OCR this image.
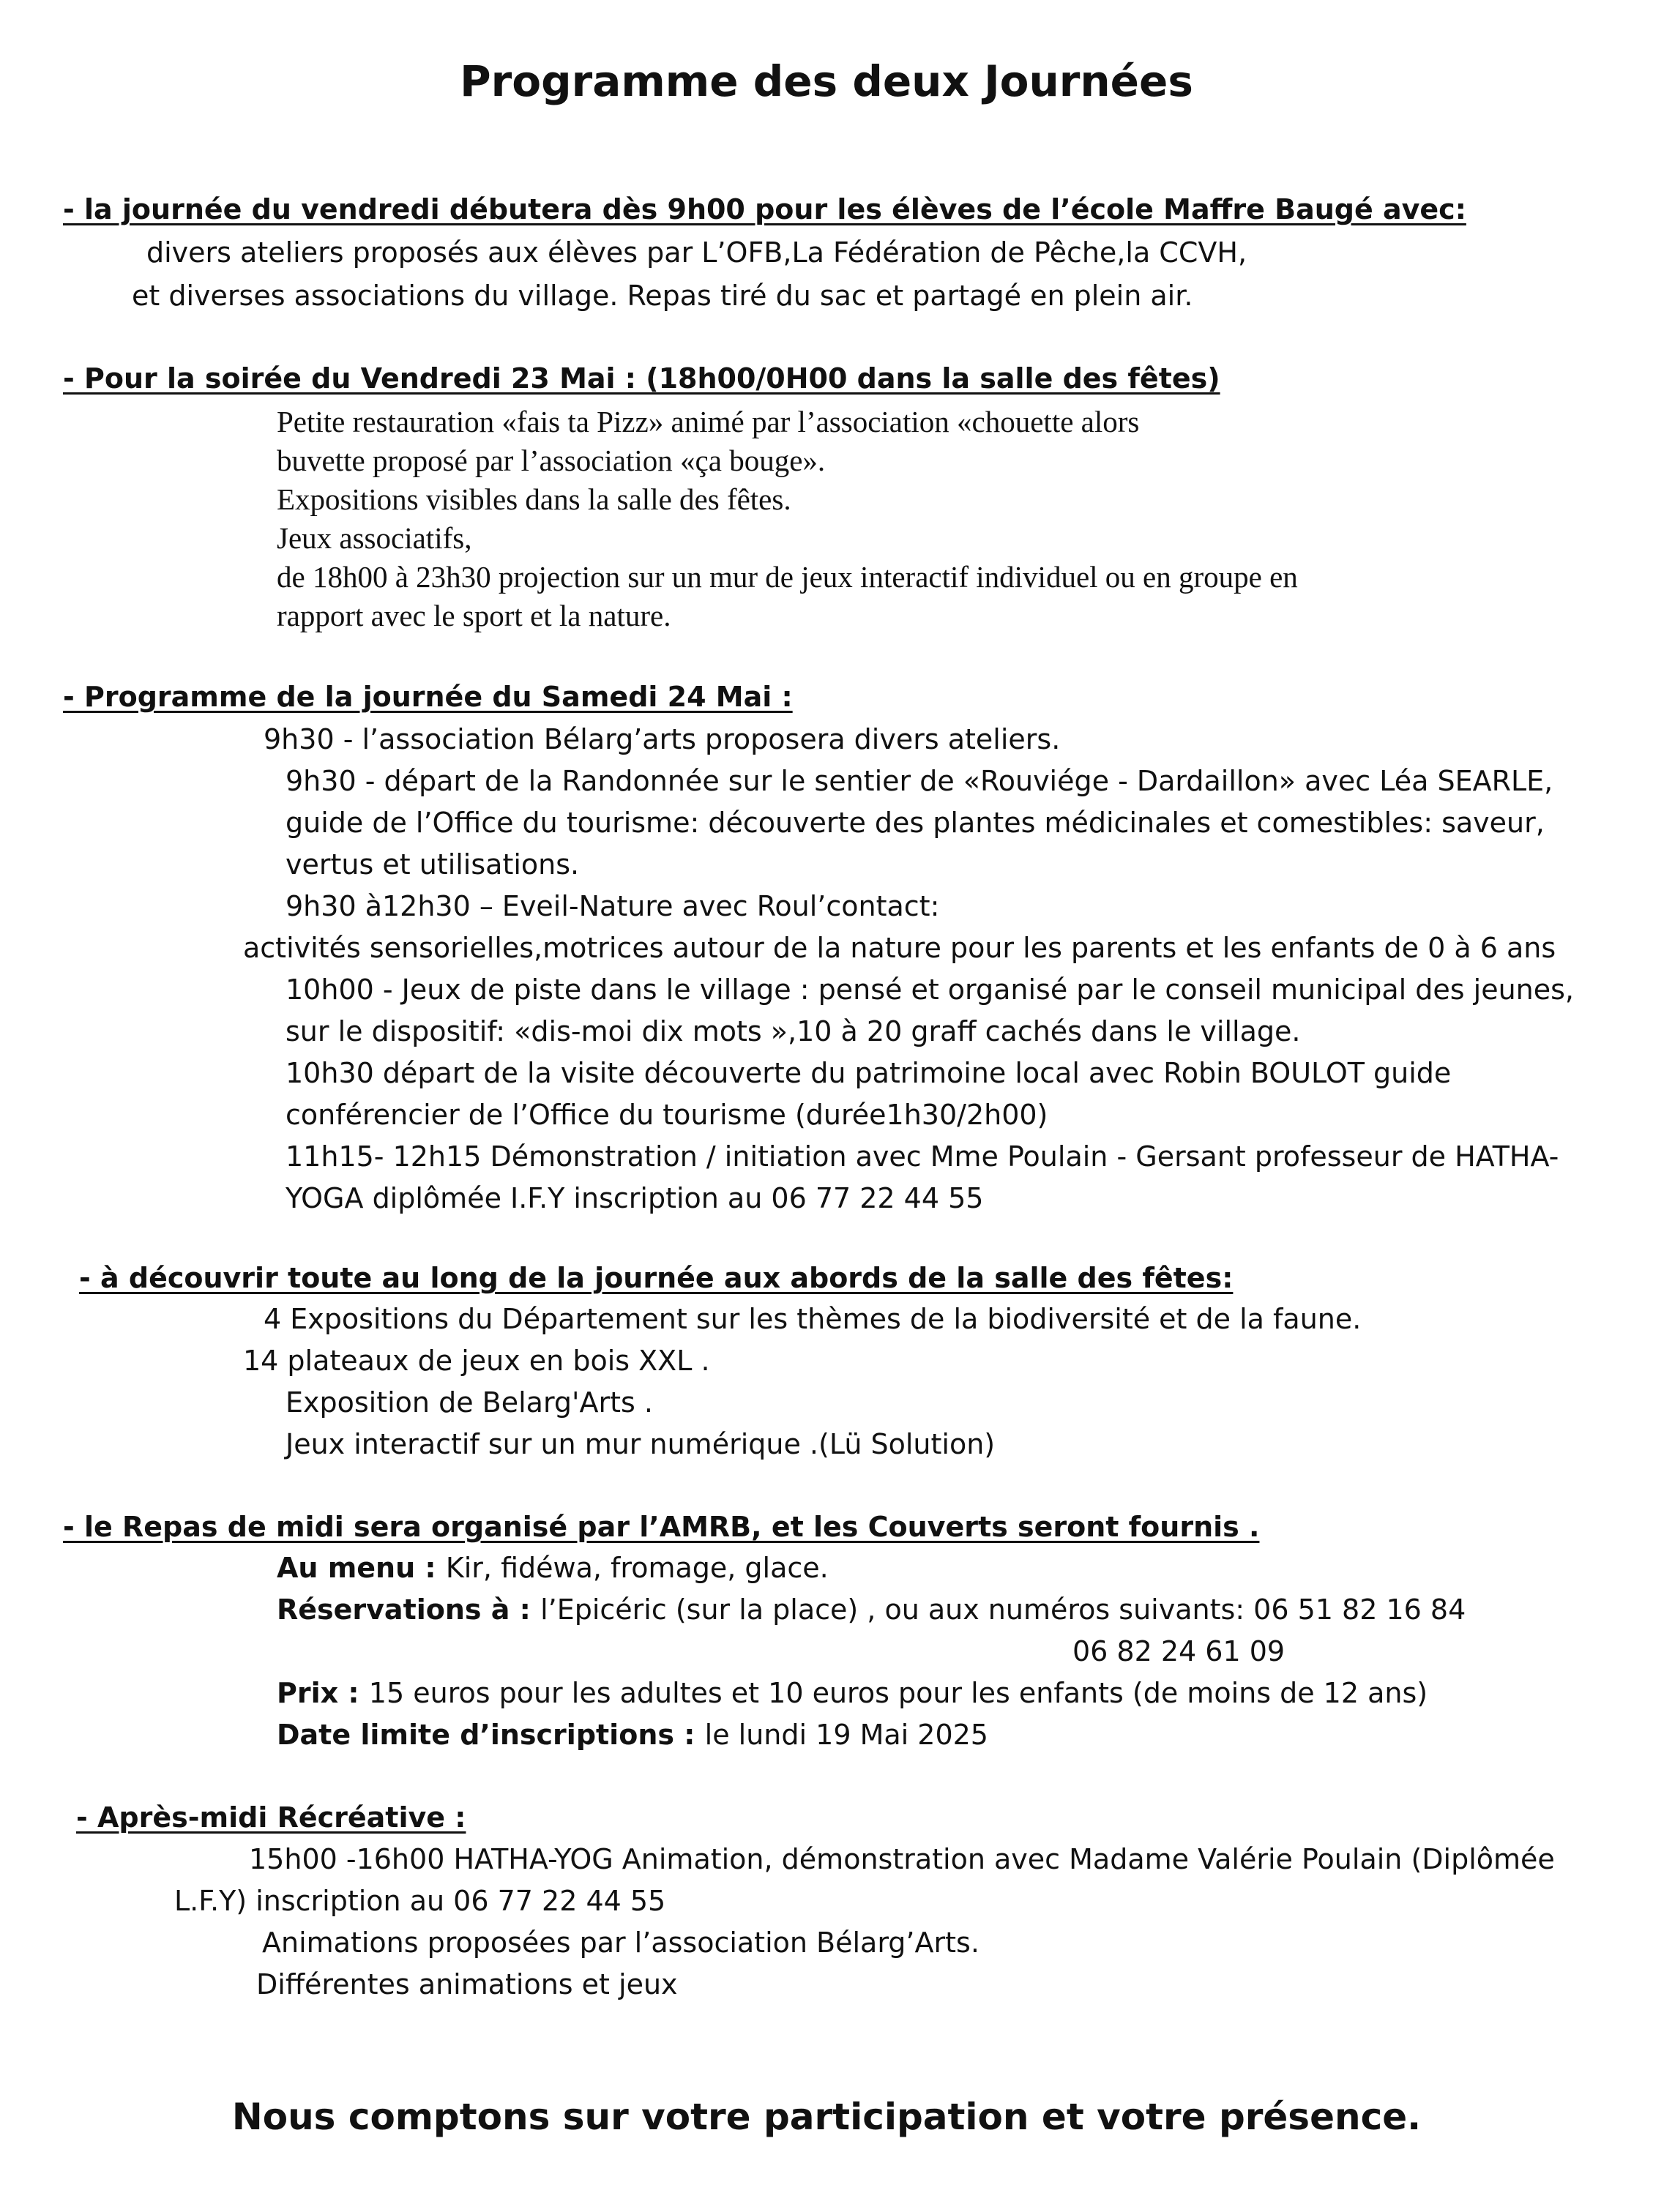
Programme des deux Journées
- la journée du vendredi débutera dès 9h00 pour les élèves de l’école Maffre Baugé avec:
divers ateliers proposés aux élèves par L’OFB,La Fédération de Pêche,la CCVH,
et diverses associations du village. Repas tiré du sac et partagé en plein air.
- Pour la soirée du Vendredi 23 Mai : (18h00/0H00 dans la salle des fêtes)
Petite restauration «fais ta Pizz» animé par l’association «chouette alors
buvette proposé par l’association «ça bouge».
Expositions visibles dans la salle des fêtes.
Jeux associatifs,
de 18h00 à 23h30 projection sur un mur de jeux interactif individuel ou en groupe en
rapport avec le sport et la nature.
- Programme de la journée du Samedi 24 Mai :
9h30 - l’association Bélarg’arts proposera divers ateliers.
9h30 - départ de la Randonnée sur le sentier de «Rouviége - Dardaillon» avec Léa SEARLE,
guide de l’Office du tourisme: découverte des plantes médicinales et comestibles: saveur,
vertus et utilisations.
9h30 à12h30 – Eveil-Nature avec Roul’contact:
activités sensorielles,motrices autour de la nature pour les parents et les enfants de 0 à 6 ans
10h00 - Jeux de piste dans le village : pensé et organisé par le conseil municipal des jeunes,
sur le dispositif: «dis-moi dix mots »,10 à 20 graff cachés dans le village.
10h30 départ de la visite découverte du patrimoine local avec Robin BOULOT guide
conférencier de l’Office du tourisme (durée1h30/2h00)
11h15- 12h15 Démonstration / initiation avec Mme Poulain - Gersant professeur de HATHA-
YOGA diplômée I.F.Y inscription au 06 77 22 44 55
- à découvrir toute au long de la journée aux abords de la salle des fêtes:
4 Expositions du Département sur les thèmes de la biodiversité et de la faune.
14 plateaux de jeux en bois XXL .
Exposition de Belarg'Arts .
Jeux interactif sur un mur numérique .(Lü Solution)
- le Repas de midi sera organisé par l’AMRB, et les Couverts seront fournis .
Au menu : Kir, fidéwa, fromage, glace.
Réservations à : l’Epicéric (sur la place) , ou aux numéros suivants: 06 51 82 16 84
06 82 24 61 09
Prix : 15 euros pour les adultes et 10 euros pour les enfants (de moins de 12 ans)
Date limite d’inscriptions : le lundi 19 Mai 2025
- Après-midi Récréative :
15h00 -16h00 HATHA-YOG Animation, démonstration avec Madame Valérie Poulain (Diplômée
L.F.Y) inscription au 06 77 22 44 55
Animations proposées par l’association Bélarg’Arts.
Différentes animations et jeux
Nous comptons sur votre participation et votre présence.
